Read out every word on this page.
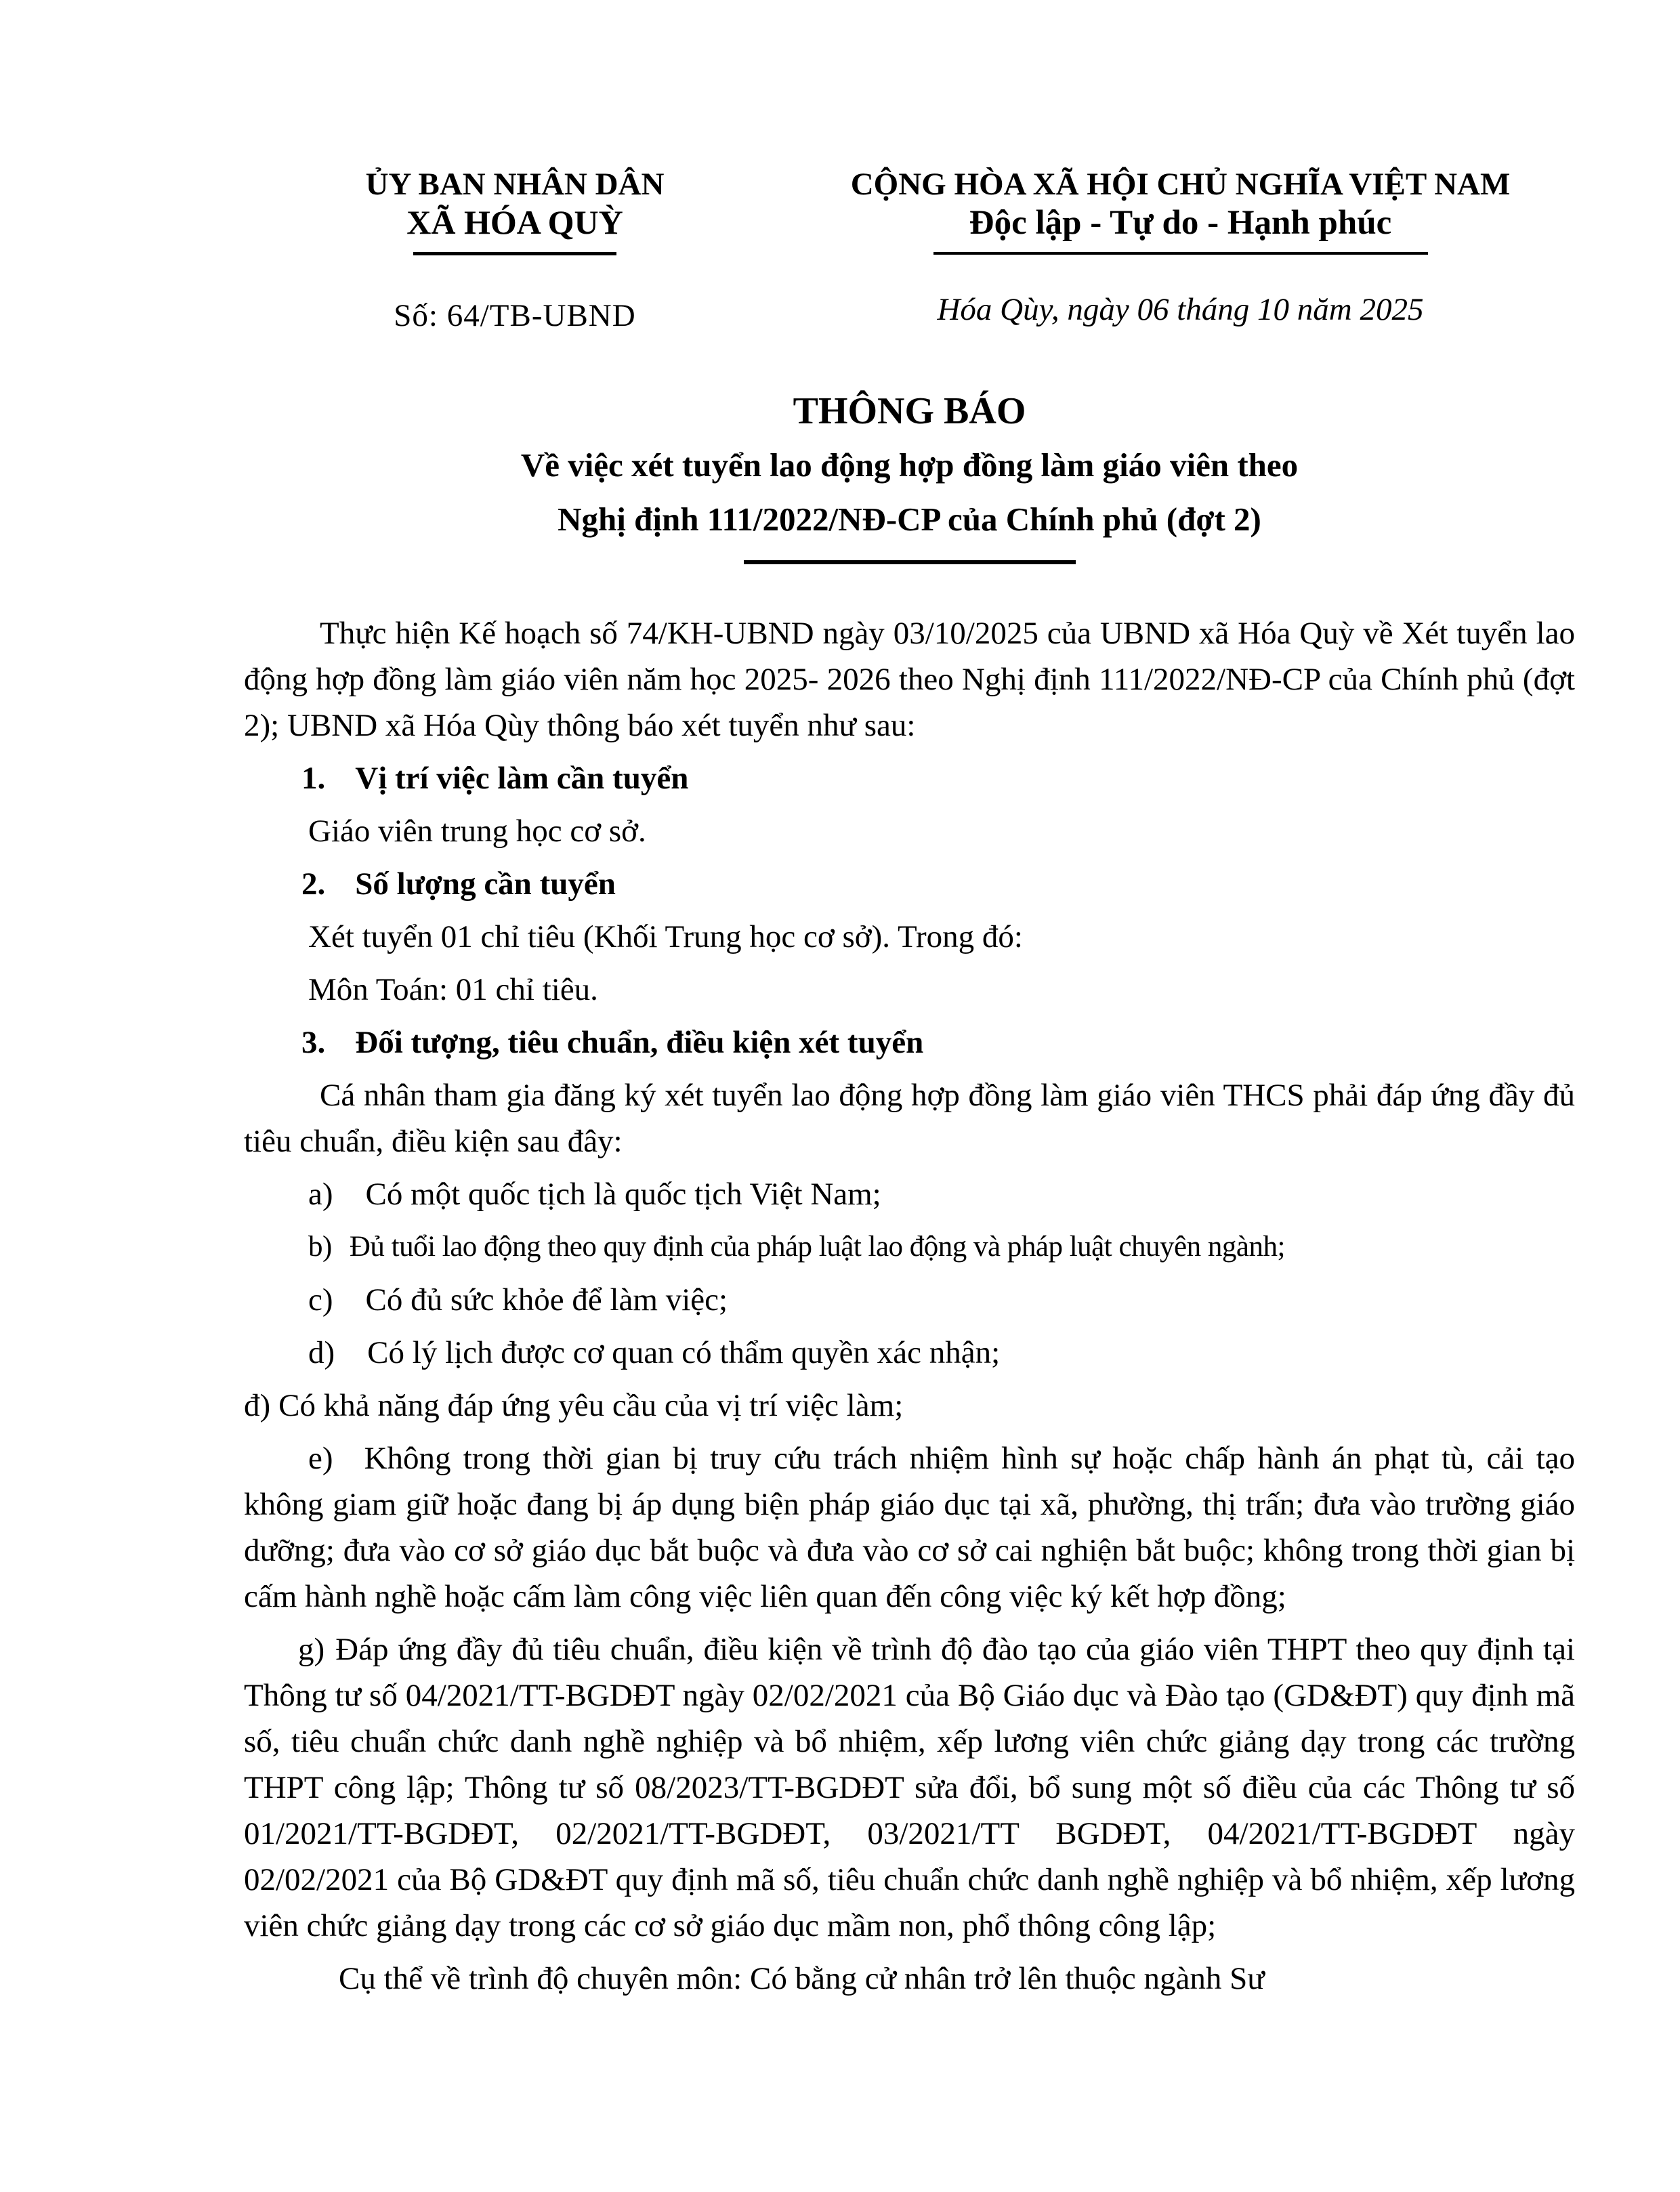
ỦY BAN NHÂN DÂN
XÃ HÓA QUỲ
Số: 64/TB-UBND
CỘNG HÒA XÃ HỘI CHỦ NGHĨA VIỆT NAM
Độc lập - Tự do - Hạnh phúc
Hóa Qùy, ngày 06 tháng 10 năm 2025
THÔNG BÁO
Về việc xét tuyển lao động hợp đồng làm giáo viên theo
Nghị định 111/2022/NĐ-CP của Chính phủ (đợt 2)

Thực hiện Kế hoạch số 74/KH-UBND ngày 03/10/2025 của UBND xã Hóa Quỳ về Xét tuyển lao động hợp đồng làm giáo viên năm học 2025- 2026 theo Nghị định 111/2022/NĐ-CP của Chính phủ (đợt 2); UBND xã Hóa Qùy thông báo xét tuyển như sau:

1. Vị trí việc làm cần tuyển

Giáo viên trung học cơ sở.

2. Số lượng cần tuyển

Xét tuyển 01 chỉ tiêu (Khối Trung học cơ sở). Trong đó:

Môn Toán: 01 chỉ tiêu.

3. Đối tượng, tiêu chuẩn, điều kiện xét tuyển

Cá nhân tham gia đăng ký xét tuyển lao động hợp đồng làm giáo viên THCS phải đáp ứng đầy đủ tiêu chuẩn, điều kiện sau đây:

a) Có một quốc tịch là quốc tịch Việt Nam;

b) Đủ tuổi lao động theo quy định của pháp luật lao động và pháp luật chuyên ngành;

c) Có đủ sức khỏe để làm việc;

d) Có lý lịch được cơ quan có thẩm quyền xác nhận;

đ) Có khả năng đáp ứng yêu cầu của vị trí việc làm;

e) Không trong thời gian bị truy cứu trách nhiệm hình sự hoặc chấp hành án phạt tù, cải tạo không giam giữ hoặc đang bị áp dụng biện pháp giáo dục tại xã, phường, thị trấn; đưa vào trường giáo dưỡng; đưa vào cơ sở giáo dục bắt buộc và đưa vào cơ sở cai nghiện bắt buộc; không trong thời gian bị cấm hành nghề hoặc cấm làm công việc liên quan đến công việc ký kết hợp đồng;

g) Đáp ứng đầy đủ tiêu chuẩn, điều kiện về trình độ đào tạo của giáo viên THPT theo quy định tại Thông tư số 04/2021/TT-BGDĐT ngày 02/02/2021 của Bộ Giáo dục và Đào tạo (GD&ĐT) quy định mã số, tiêu chuẩn chức danh nghề nghiệp và bổ nhiệm, xếp lương viên chức giảng dạy trong các trường THPT công lập; Thông tư số 08/2023/TT-BGDĐT sửa đổi, bổ sung một số điều của các Thông tư số 01/2021/TT-BGDĐT, 02/2021/TT-BGDĐT, 03/2021/TT BGDĐT, 04/2021/TT-BGDĐT ngày 02/02/2021 của Bộ GD&ĐT quy định mã số, tiêu chuẩn chức danh nghề nghiệp và bổ nhiệm, xếp lương viên chức giảng dạy trong các cơ sở giáo dục mầm non, phổ thông công lập;

Cụ thể về trình độ chuyên môn: Có bằng cử nhân trở lên thuộc ngành Sư
